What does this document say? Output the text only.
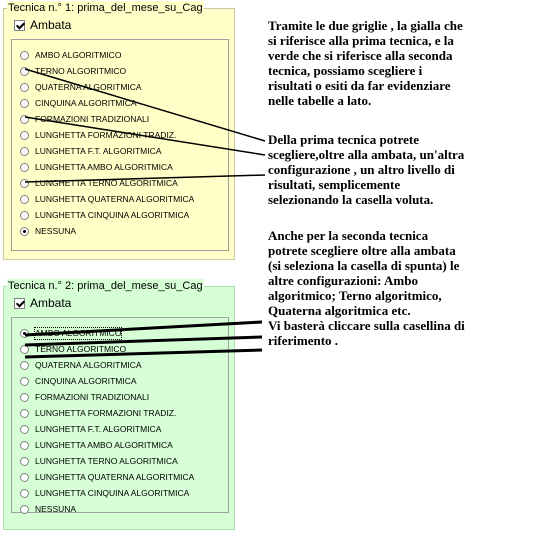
Tecnica n.° 1: prima_del_mese_su_Cag
Ambata
AMBO ALGORITMICO
TERNO ALGORITMICO
QUATERNA ALGORITMICA
CINQUINA ALGORITMICA
FORMAZIONI TRADIZIONALI
LUNGHETTA FORMAZIONI TRADIZ.
LUNGHETTA F.T. ALGORITMICA
LUNGHETTA AMBO ALGORITMICA
LUNGHETTA TERNO ALGORITMICA
LUNGHETTA QUATERNA ALGORITMICA
LUNGHETTA CINQUINA ALGORITMICA
NESSUNA
Tecnica n.° 2: prima_del_mese_su_Cag
Ambata
AMBO ALGORITMICO
TERNO ALGORITMICO
QUATERNA ALGORITMICA
CINQUINA ALGORITMICA
FORMAZIONI TRADIZIONALI
LUNGHETTA FORMAZIONI TRADIZ.
LUNGHETTA F.T. ALGORITMICA
LUNGHETTA AMBO ALGORITMICA
LUNGHETTA TERNO ALGORITMICA
LUNGHETTA QUATERNA ALGORITMICA
LUNGHETTA CINQUINA ALGORITMICA
NESSUNA
Tramite le due griglie , la gialla che
si riferisce alla prima tecnica, e la
verde che si riferisce alla seconda
tecnica, possiamo scegliere i
risultati o esiti da far evidenziare
nelle tabelle a lato.
Della prima tecnica potrete
scegliere,oltre alla ambata, un'altra
configurazione , un altro livello di
risultati, semplicemente
selezionando la casella voluta.
Anche per la seconda tecnica
potrete scegliere oltre alla ambata
(si seleziona la casella di spunta) le
altre configurazioni: Ambo
algoritmico; Terno algoritmico,
Quaterna algoritmica etc.
Vi basterà cliccare sulla casellina di
riferimento .
